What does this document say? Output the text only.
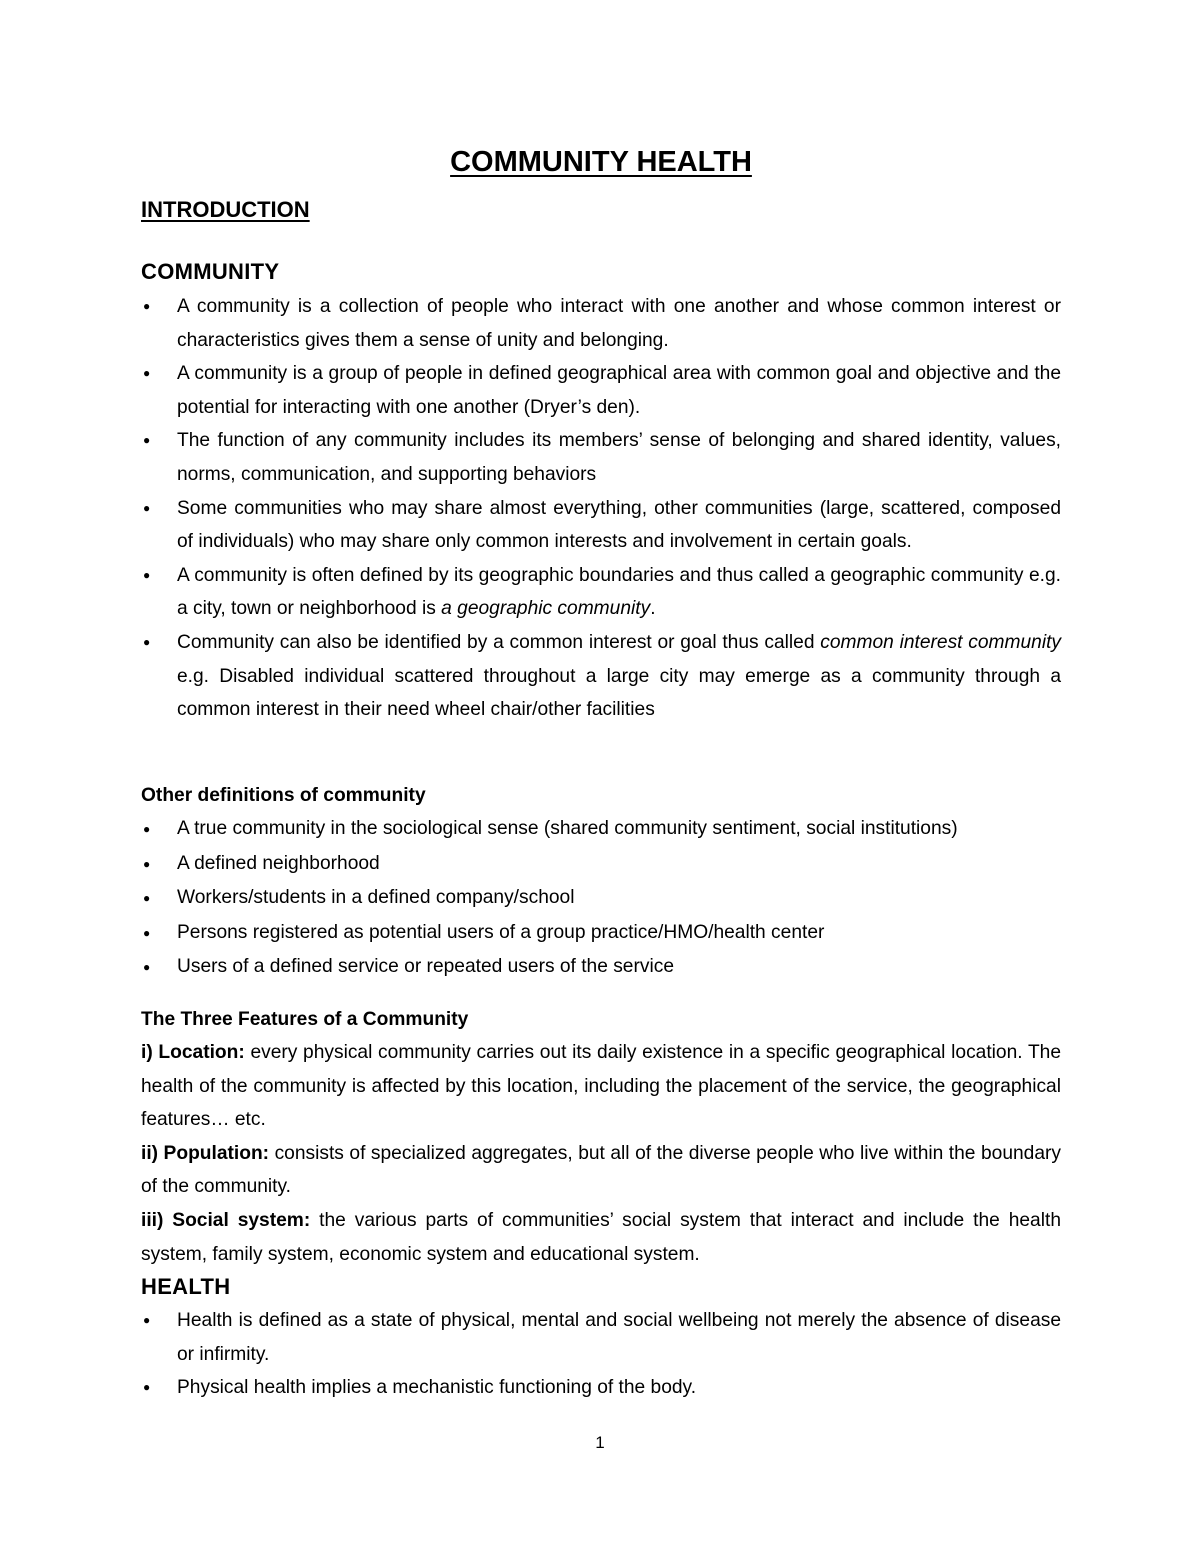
COMMUNITY HEALTH
INTRODUCTION
COMMUNITY
● A community is a collection of people who interact with one another and whose common interest or characteristics gives them a sense of unity and belonging.
● A community is a group of people in defined geographical area with common goal and objective and the potential for interacting with one another (Dryer’s den).
● The function of any community includes its members’ sense of belonging and shared identity, values, norms, communication, and supporting behaviors
● Some communities who may share almost everything, other communities (large, scattered, composed of individuals) who may share only common interests and involvement in certain goals.
● A community is often defined by its geographic boundaries and thus called a geographic community e.g. a city, town or neighborhood is a geographic community.
● Community can also be identified by a common interest or goal thus called common interest community e.g. Disabled individual scattered throughout a large city may emerge as a community through a common interest in their need wheel chair/other facilities
Other definitions of community
● A true community in the sociological sense (shared community sentiment, social institutions)
● A defined neighborhood
● Workers/students in a defined company/school
● Persons registered as potential users of a group practice/HMO/health center
● Users of a defined service or repeated users of the service
The Three Features of a Community
i) Location: every physical community carries out its daily existence in a specific geographical location. The health of the community is affected by this location, including the placement of the service, the geographical features… etc.
ii) Population: consists of specialized aggregates, but all of the diverse people who live within the boundary of the community.
iii) Social system: the various parts of communities’ social system that interact and include the health system, family system, economic system and educational system.
HEALTH
● Health is defined as a state of physical, mental and social wellbeing not merely the absence of disease or infirmity.
● Physical health implies a mechanistic functioning of the body.
1
